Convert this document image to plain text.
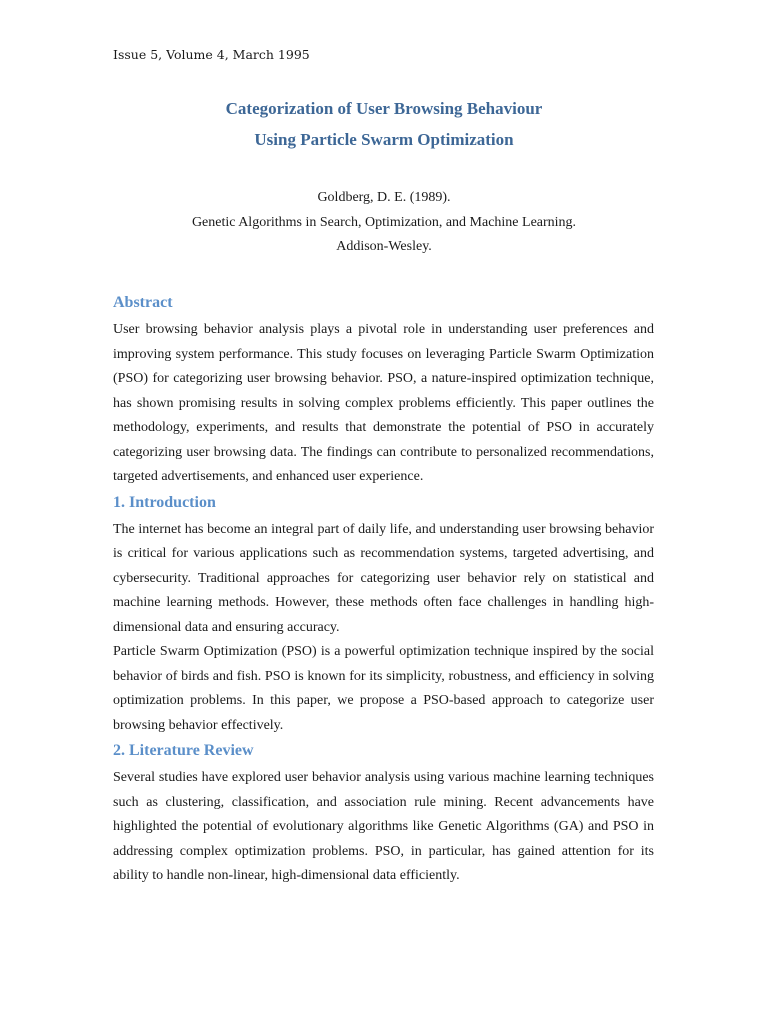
Issue 5, Volume 4, March 1995

Categorization of User Browsing Behaviour

Using Particle Swarm Optimization

Goldberg, D. E. (1989).

Genetic Algorithms in Search, Optimization, and Machine Learning.

Addison-Wesley.

Abstract

User browsing behavior analysis plays a pivotal role in understanding user preferences and improving system performance. This study focuses on leveraging Particle Swarm Optimization (PSO) for categorizing user browsing behavior. PSO, a nature-inspired optimization technique, has shown promising results in solving complex problems efficiently. This paper outlines the methodology, experiments, and results that demonstrate the potential of PSO in accurately categorizing user browsing data. The findings can contribute to personalized recommendations, targeted advertisements, and enhanced user experience.

1. Introduction

The internet has become an integral part of daily life, and understanding user browsing behavior is critical for various applications such as recommendation systems, targeted advertising, and cybersecurity. Traditional approaches for categorizing user behavior rely on statistical and machine learning methods. However, these methods often face challenges in handling high-dimensional data and ensuring accuracy.

Particle Swarm Optimization (PSO) is a powerful optimization technique inspired by the social behavior of birds and fish. PSO is known for its simplicity, robustness, and efficiency in solving optimization problems. In this paper, we propose a PSO-based approach to categorize user browsing behavior effectively.

2. Literature Review

Several studies have explored user behavior analysis using various machine learning techniques such as clustering, classification, and association rule mining. Recent advancements have highlighted the potential of evolutionary algorithms like Genetic Algorithms (GA) and PSO in addressing complex optimization problems. PSO, in particular, has gained attention for its ability to handle non-linear, high-dimensional data efficiently.
